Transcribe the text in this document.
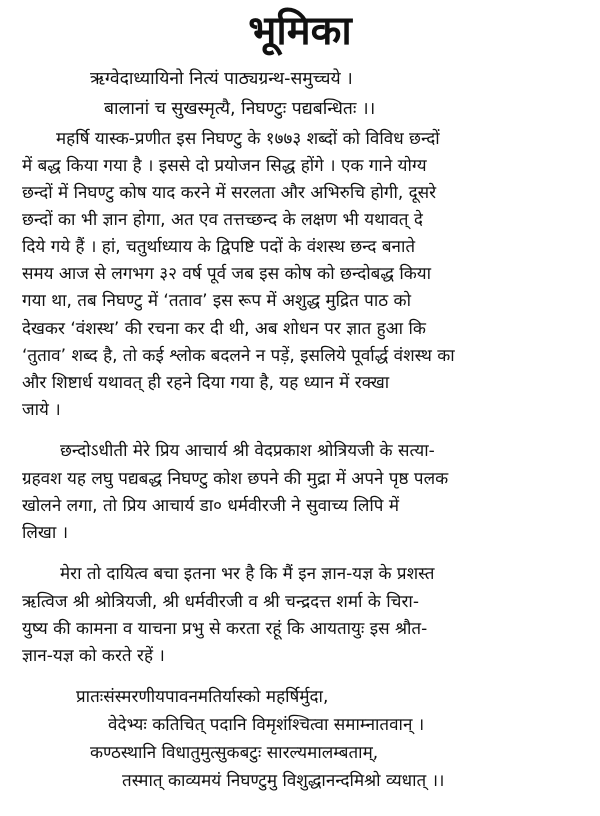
भूमिका
ऋग्वेदाध्यायिनो नित्यं पाठ्यग्रन्थ-समुच्चये ।
बालानां च सुखस्मृत्यै, निघण्टुः पद्यबन्धितः ।।
महर्षि यास्क-प्रणीत इस निघण्टु के १७७३ शब्दों को विविध छन्दों
में बद्ध किया गया है । इससे दो प्रयोजन सिद्ध होंगे । एक गाने योग्य
छन्दों में निघण्टु कोष याद करने में सरलता और अभिरुचि होगी, दूसरे
छन्दों का भी ज्ञान होगा, अत एव तत्तच्छन्द के लक्षण भी यथावत् दे
दिये गये हैं । हां, चतुर्थाध्याय के द्विपष्टि पदों के वंशस्थ छन्द बनाते
समय आज से लगभग ३२ वर्ष पूर्व जब इस कोष को छन्दोबद्ध किया
गया था, तब निघण्टु में ‘तताव’ इस रूप में अशुद्ध मुद्रित पाठ को
देखकर ‘वंशस्थ’ की रचना कर दी थी, अब शोधन पर ज्ञात हुआ कि
‘तुताव’ शब्द है, तो कई श्लोक बदलने न पड़ें, इसलिये पूर्वार्द्ध वंशस्थ का
और शिष्टार्ध यथावत् ही रहने दिया गया है, यह ध्यान में रक्खा
जाये ।
छन्दोऽधीती मेरे प्रिय आचार्य श्री वेदप्रकाश श्रोत्रियजी के सत्या-
ग्रहवश यह लघु पद्यबद्ध निघण्टु कोश छपने की मुद्रा में अपने पृष्ठ पलक
खोलने लगा, तो प्रिय आचार्य डा० धर्मवीरजी ने सुवाच्य लिपि में
लिखा ।
मेरा तो दायित्व बचा इतना भर है कि मैं इन ज्ञान-यज्ञ के प्रशस्त
ऋत्विज श्री श्रोत्रियजी, श्री धर्मवीरजी व श्री चन्द्रदत्त शर्मा के चिरा-
युष्य की कामना व याचना प्रभु से करता रहूं कि आयतायुः इस श्रौत-
ज्ञान-यज्ञ को करते रहें ।
प्रातःसंस्मरणीयपावनमतिर्यास्को महर्षिर्मुदा,
वेदेभ्यः कतिचित् पदानि विमृशंश्चित्वा समाम्नातवान् ।
कण्ठस्थानि विधातुमुत्सुकबटुः सारल्यमालम्बताम्,
तस्मात् काव्यमयं निघण्टुमु विशुद्धानन्दमिश्रो व्यधात् ।।
